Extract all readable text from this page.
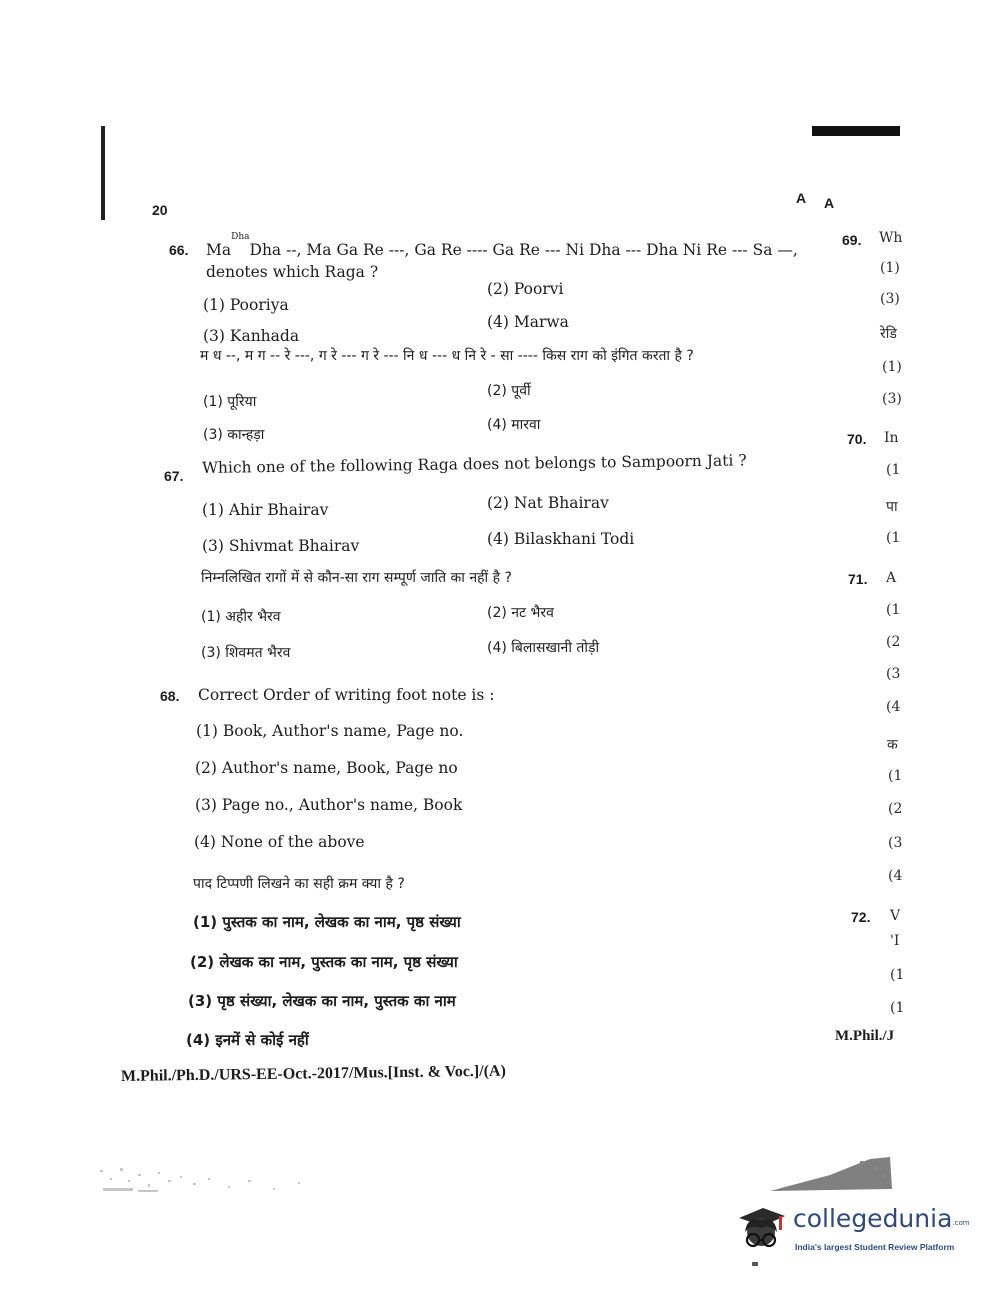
20
A A
66. $Ma^{Dha}Dha$ --, Ma Ga Re ---, Ga Re ---- Ga Re --- Ni Dha --- Dha Ni Re --- Sa —,
denotes which Raga ?
(1) Pooriya
(2) Poorvi
(3) Kanhada
(4) Marwa
म ध --, म ग -- रे ---, ग रे --- ग रे --- नि ध --- ध नि रे - सा ---- किस राग को इंगित करता है ?
(1) पूरिया
(2) पूर्वी
(3) कान्हड़ा
(4) मारवा
67. Which one of the following Raga does not belongs to Sampoorn Jati ?
(1) Ahir Bhairav	(2) Nat Bhairav
(3) Shivmat Bhairav	(4) Bilaskhani Todi
निम्नलिखित रागों में से कौन-सा राग सम्पूर्ण जाति का नहीं है ?
(1) अहीर भैरव	(2) नट भैरव
(3) शिवमत भैरव	(4) बिलासखानी तोड़ी
68. Correct Order of writing foot note is :
(1) Book, Author's name, Page no.
(2) Author's name, Book, Page no
(3) Page no., Author's name, Book
(4) None of the above
पाद टिप्पणी लिखने का सही क्रम क्या है ?
(1) पुस्तक का नाम, लेखक का नाम, पृष्ठ संख्या
(2) लेखक का नाम, पुस्तक का नाम, पृष्ठ संख्या
(3) पृष्ठ संख्या, लेखक का नाम, पुस्तक का नाम
(4) इनमें से कोई नहीं
69. Wh
(1)
(3)
रेडि
(1)
(3)
70. In
(1
पा
(1
71. A
(1
(2
(3
(4
क
(1
(2
(3
(4
72. V
'I
(1
(1
M.Phil./J
M.Phil./Ph.D./URS-EE-Oct.-2017/Mus.[Inst. & Voc.]/(A)
collegedunia.com
India's largest Student Review Platform
